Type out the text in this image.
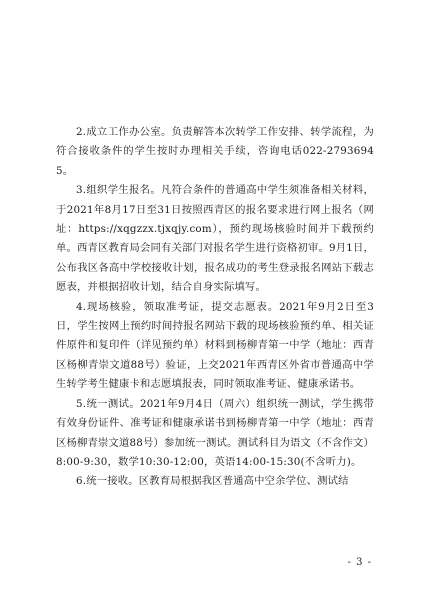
2.成立工作办公室。负责解答本次转学工作安排、转学流程，为符合接收条件的学生按时办理相关手续，咨询电话022-27936945。

3.组织学生报名。凡符合条件的普通高中学生须准备相关材料，于2021年8月17日至31日按照西青区的报名要求进行网上报名（网址：https://xqgzzx.tjxqjy.com），预约现场核验时间并下载预约单。西青区教育局会同有关部门对报名学生进行资格初审。9月1日，公布我区各高中学校接收计划，报名成功的考生登录报名网站下载志愿表，并根据招收计划，结合自身实际填写。

4.现场核验，领取准考证，提交志愿表。2021年9月2日至3日，学生按网上预约时间持报名网站下载的现场核验预约单、相关证件原件和复印件（详见预约单）材料到杨柳青第一中学（地址：西青区杨柳青崇文道88号）验证，上交2021年西青区外省市普通高中学生转学考生健康卡和志愿填报表，同时领取准考证、健康承诺书。

5.统一测试。2021年9月4日（周六）组织统一测试，学生携带有效身份证件、准考证和健康承诺书到杨柳青第一中学（地址：西青区杨柳青崇文道88号）参加统一测试。测试科目为语文（不含作文）8:00-9:30，数学10:30-12:00，英语14:00-15:30(不含听力)。

6.统一接收。区教育局根据我区普通高中空余学位、测试结

- 3 -
